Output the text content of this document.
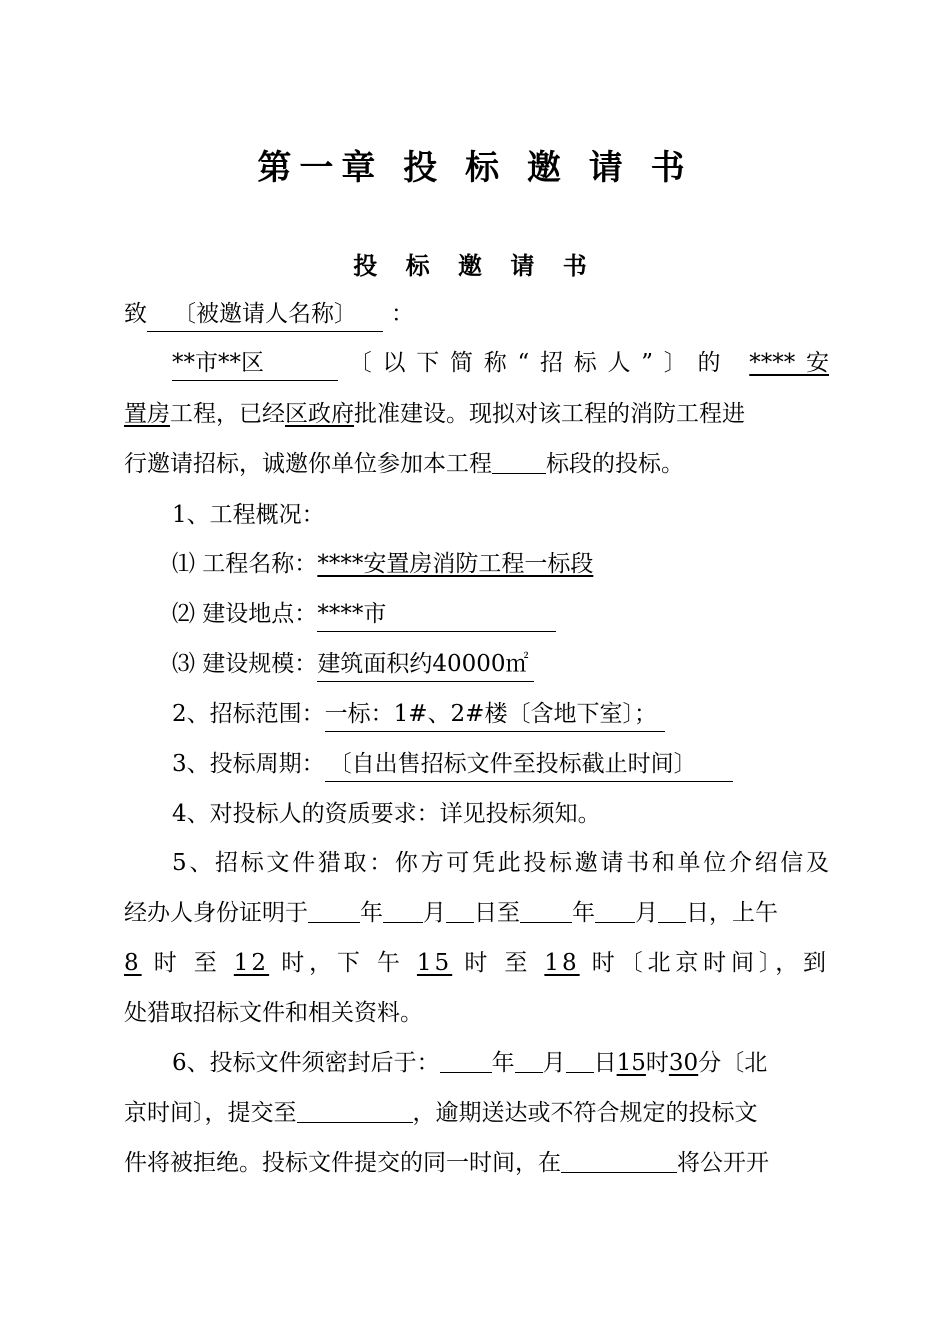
第一章 投 标 邀 请 书
投 标 邀 请 书
致 〔被邀请人名称〕 ：
**市**区	〔以下简称“招标人”〕的 ****安
置房工程，已经区政府批准建设。现拟对该工程的消防工程进
行邀请招标，诚邀你单位参加本工程 标段的投标。
1、工程概况：
⑴ 工程名称：****安置房消防工程一标段
⑵ 建设地点：****市
⑶ 建设规模：建筑面积约40000㎡
2、招标范围：一标：1#、2#楼〔含地下室〕；
3、投标周期： 〔自出售招标文件至投标截止时间〕
4、对投标人的资质要求：详见投标须知。
5、招标文件猎取：你方可凭此投标邀请书和单位介绍信及
经办人身份证明于 年 月 日至 年 月 日，上午
8 时 至 12 时，下 午 15 时 至 18 时〔北京时间〕，到
处猎取招标文件和相关资料。
6、投标文件须密封后于： 年 月 日15时30分〔北
京时间〕，提交至	，逾期送达或不符合规定的投标文
件将被拒绝。投标文件提交的同一时间，在	将公开开
